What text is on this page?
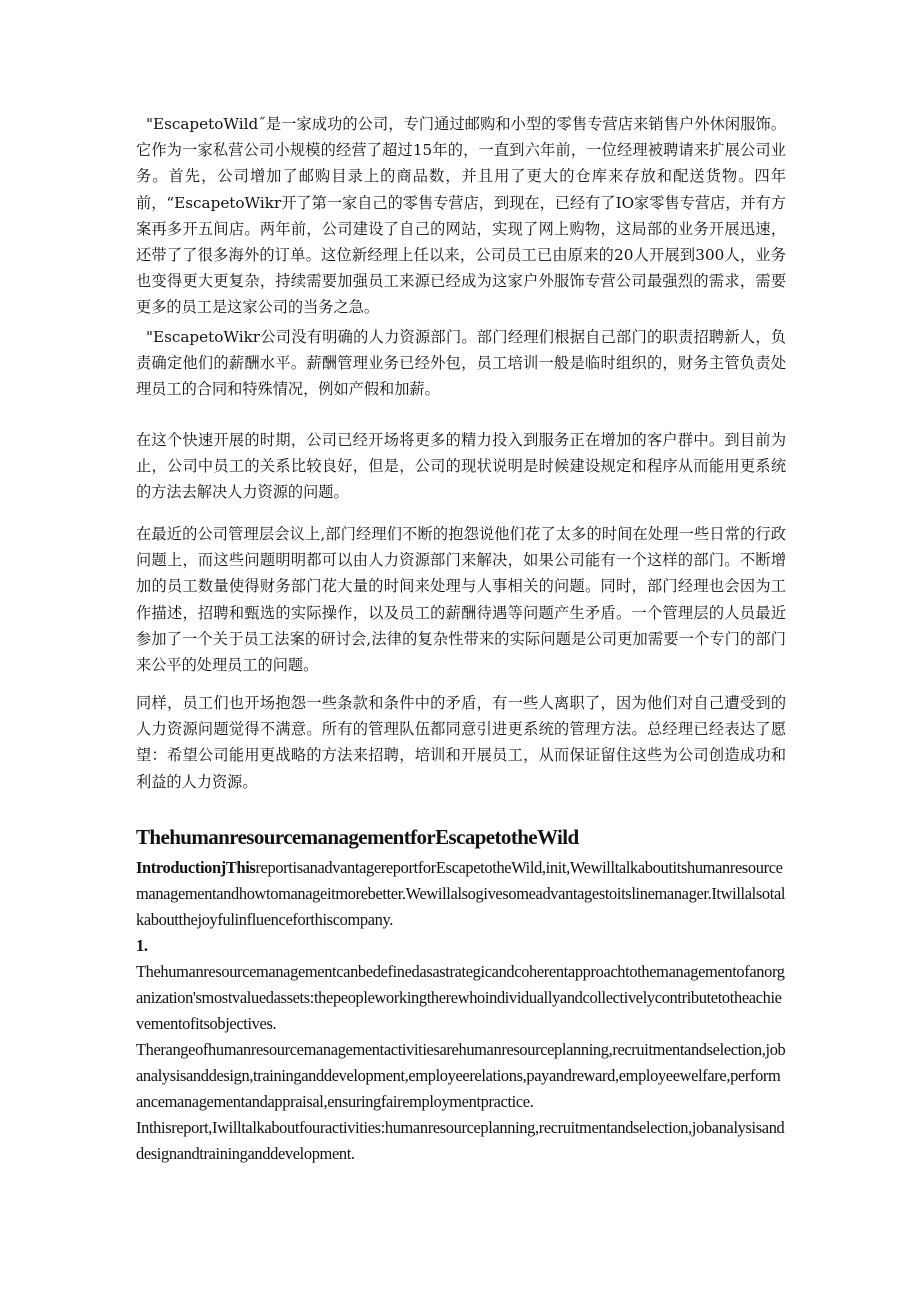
"EscapetoWild˝是一家成功的公司，专门通过邮购和小型的零售专营店来销售户外休闲服饰。它作为一家私营公司小规模的经营了超过15年的，一直到六年前，一位经理被聘请来扩展公司业务。首先，公司增加了邮购目录上的商品数，并且用了更大的仓库来存放和配送货物。四年前，“EscapetoWikr开了第一家自己的零售专营店，到现在，已经有了IO家零售专营店，并有方案再多开五间店。两年前，公司建设了自己的网站，实现了网上购物，这局部的业务开展迅速，还带了了很多海外的订单。这位新经理上任以来，公司员工已由原来的20人开展到300人，业务也变得更大更复杂，持续需要加强员工来源已经成为这家户外服饰专营公司最强烈的需求，需要更多的员工是这家公司的当务之急。

"EscapetoWikr公司没有明确的人力资源部门。部门经理们根据自己部门的职责招聘新人，负责确定他们的薪酬水平。薪酬管理业务已经外包，员工培训一般是临时组织的，财务主管负责处理员工的合同和特殊情况，例如产假和加薪。

在这个快速开展的时期，公司已经开场将更多的精力投入到服务正在增加的客户群中。到目前为止，公司中员工的关系比较良好，但是，公司的现状说明是时候建设规定和程序从而能用更系统的方法去解决人力资源的问题。

在最近的公司管理层会议上,部门经理们不断的抱怨说他们花了太多的时间在处理一些日常的行政问题上，而这些问题明明都可以由人力资源部门来解决，如果公司能有一个这样的部门。不断增加的员工数量使得财务部门花大量的时间来处理与人事相关的问题。同时，部门经理也会因为工作描述，招聘和甄选的实际操作，以及员工的薪酬待遇等问题产生矛盾。一个管理层的人员最近参加了一个关于员工法案的研讨会,法律的复杂性带来的实际问题是公司更加需要一个专门的部门来公平的处理员工的问题。

同样，员工们也开场抱怨一些条款和条件中的矛盾，有一些人离职了，因为他们对自己遭受到的人力资源问题觉得不满意。所有的管理队伍都同意引进更系统的管理方法。总经理已经表达了愿望：希望公司能用更战略的方法来招聘，培训和开展员工，从而保证留住这些为公司创造成功和利益的人力资源。

ThehumanresourcemanagementforEscapetotheWild

IntroductionjThisreportisanadvantagereportforEscapetotheWild,init,Wewilltalkaboutitshumanresourcemanagementandhowtomanageitmorebetter.Wewillalsogivesomeadvantagestoitslinemanager.Itwillalsotalkaboutthejoyfulinfluenceforthiscompany.

1.

Thehumanresourcemanagementcanbedefinedasastrategicandcoherentapproachtothemanagementofanorganization'smostvaluedassets:thepeopleworkingtherewhoindividuallyandcollectivelycontributetotheachievementofitsobjectives.

Therangeofhumanresourcemanagementactivitiesarehumanresourceplanning,recruitmentandselection,jobanalysisanddesign,traininganddevelopment,employeerelations,payandreward,employeewelfare,performancemanagementandappraisal,ensuringfairemploymentpractice.

Inthisreport,Iwilltalkaboutfouractivities:humanresourceplanning,recruitmentandselection,jobanalysisanddesignandtraininganddevelopment.
